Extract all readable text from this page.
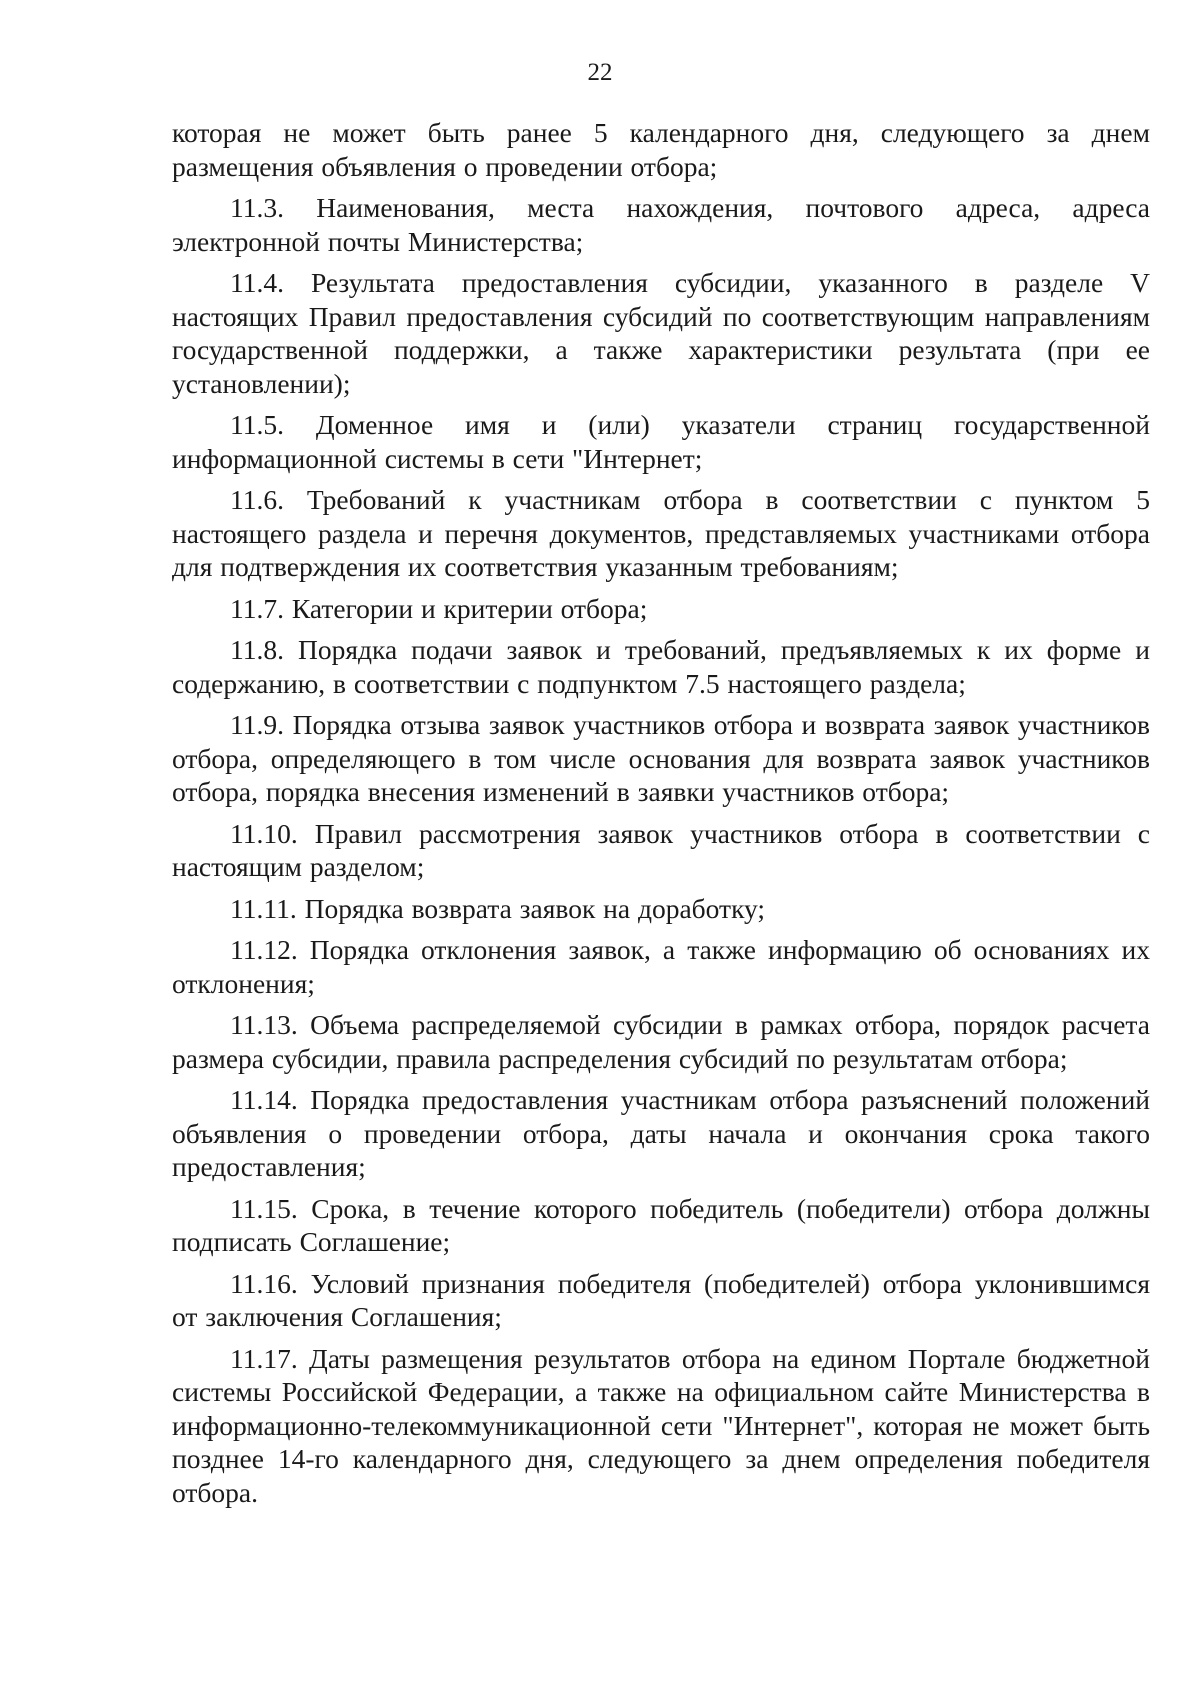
22

которая не может быть ранее 5 календарного дня, следующего за днем размещения объявления о проведении отбора;

11.3. Наименования, места нахождения, почтового адреса, адреса электронной почты Министерства;

11.4. Результата предоставления субсидии, указанного в разделе V настоящих Правил предоставления субсидий по соответствующим направлениям государственной поддержки, а также характеристики результата (при ее установлении);

11.5. Доменное имя и (или) указатели страниц государственной информационной системы в сети "Интернет;

11.6. Требований к участникам отбора в соответствии с пунктом 5 настоящего раздела и перечня документов, представляемых участниками отбора для подтверждения их соответствия указанным требованиям;

11.7. Категории и критерии отбора;

11.8. Порядка подачи заявок и требований, предъявляемых к их форме и содержанию, в соответствии с подпунктом 7.5 настоящего раздела;

11.9. Порядка отзыва заявок участников отбора и возврата заявок участников отбора, определяющего в том числе основания для возврата заявок участников отбора, порядка внесения изменений в заявки участников отбора;

11.10. Правил рассмотрения заявок участников отбора в соответствии с настоящим разделом;

11.11. Порядка возврата заявок на доработку;

11.12. Порядка отклонения заявок, а также информацию об основаниях их отклонения;

11.13. Объема распределяемой субсидии в рамках отбора, порядок расчета размера субсидии, правила распределения субсидий по результатам отбора;

11.14. Порядка предоставления участникам отбора разъяснений положений объявления о проведении отбора, даты начала и окончания срока такого предоставления;

11.15. Срока, в течение которого победитель (победители) отбора должны подписать Соглашение;

11.16. Условий признания победителя (победителей) отбора уклонившимся от заключения Соглашения;

11.17. Даты размещения результатов отбора на едином Портале бюджетной системы Российской Федерации, а также на официальном сайте Министерства в информационно-телекоммуникационной сети "Интернет", которая не может быть позднее 14-го календарного дня, следующего за днем определения победителя отбора.
